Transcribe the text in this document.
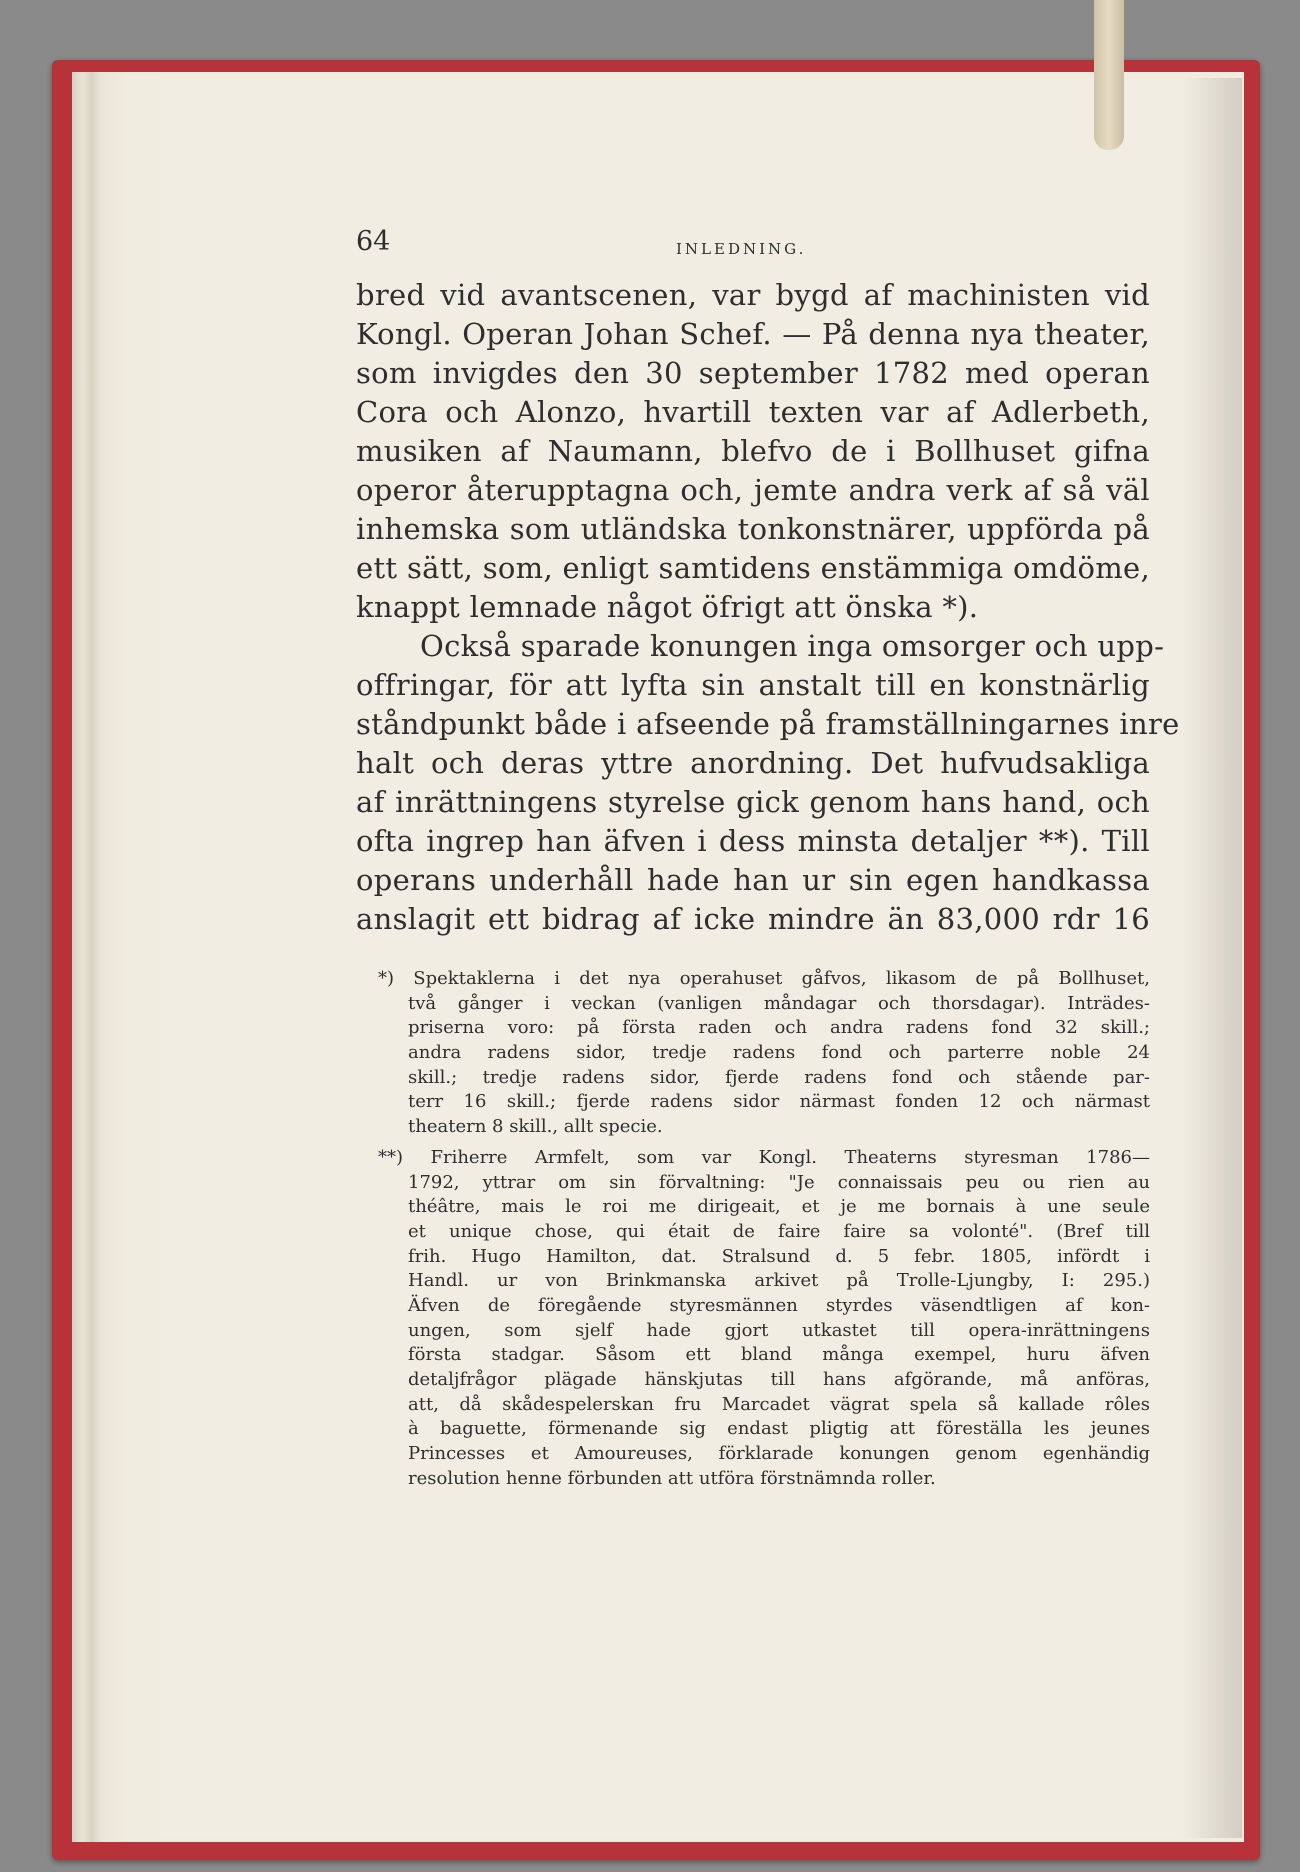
64	INLEDNING.
bred vid avantscenen, var bygd af machinisten vid
Kongl. Operan Johan Schef. — På denna nya theater,
som invigdes den 30 september 1782 med operan
Cora och Alonzo, hvartill texten var af Adlerbeth,
musiken af Naumann, blefvo de i Bollhuset gifna
operor återupptagna och, jemte andra verk af så väl
inhemska som utländska tonkonstnärer, uppförda på
ett sätt, som, enligt samtidens enstämmiga omdöme,
knappt lemnade något öfrigt att önska *).
Också sparade konungen inga omsorger och upp-
offringar, för att lyfta sin anstalt till en konstnärlig
ståndpunkt både i afseende på framställningarnes inre
halt och deras yttre anordning. Det hufvudsakliga
af inrättningens styrelse gick genom hans hand, och
ofta ingrep han äfven i dess minsta detaljer **). Till
operans underhåll hade han ur sin egen handkassa
anslagit ett bidrag af icke mindre än 83,000 rdr 16
*) Spektaklerna i det nya operahuset gåfvos, likasom de på Bollhuset,
två gånger i veckan (vanligen måndagar och thorsdagar). Inträdes-
priserna voro: på första raden och andra radens fond 32 skill.;
andra radens sidor, tredje radens fond och parterre noble 24
skill.; tredje radens sidor, fjerde radens fond och stående par-
terr 16 skill.; fjerde radens sidor närmast fonden 12 och närmast
theatern 8 skill., allt specie.
**) Friherre Armfelt, som var Kongl. Theaterns styresman 1786—
1792, yttrar om sin förvaltning: "Je connaissais peu ou rien au
théâtre, mais le roi me dirigeait, et je me bornais à une seule
et unique chose, qui était de faire faire sa volonté". (Bref till
frih. Hugo Hamilton, dat. Stralsund d. 5 febr. 1805, infördt i
Handl. ur von Brinkmanska arkivet på Trolle-Ljungby, I: 295.)
Äfven de föregående styresmännen styrdes väsendtligen af kon-
ungen, som sjelf hade gjort utkastet till opera-inrättningens
första stadgar. Såsom ett bland många exempel, huru äfven
detaljfrågor plägade hänskjutas till hans afgörande, må anföras,
att, då skådespelerskan fru Marcadet vägrat spela så kallade rôles
à baguette, förmenande sig endast pligtig att föreställa les jeunes
Princesses et Amoureuses, förklarade konungen genom egenhändig
resolution henne förbunden att utföra förstnämnda roller.
